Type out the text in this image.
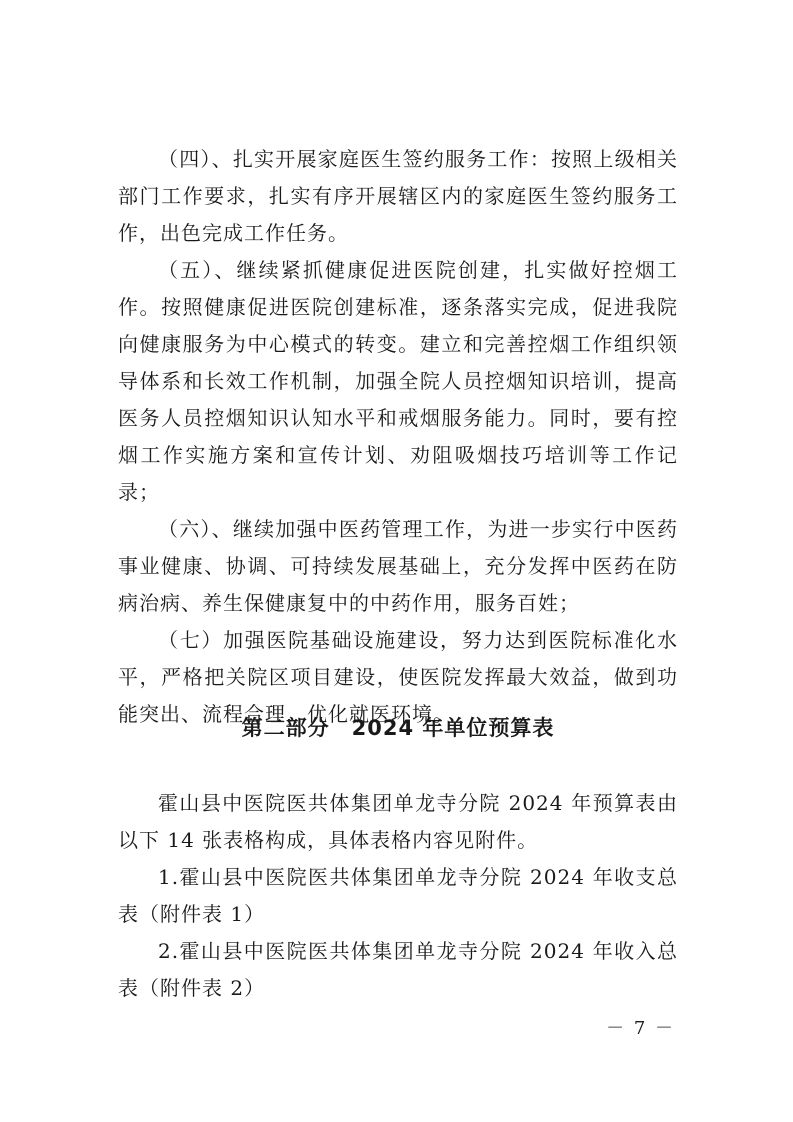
（四）、扎实开展家庭医生签约服务工作：按照上级相关部门工作要求，扎实有序开展辖区内的家庭医生签约服务工作，出色完成工作任务。

（五）、继续紧抓健康促进医院创建，扎实做好控烟工作。按照健康促进医院创建标准，逐条落实完成，促进我院向健康服务为中心模式的转变。建立和完善控烟工作组织领导体系和长效工作机制，加强全院人员控烟知识培训，提高医务人员控烟知识认知水平和戒烟服务能力。同时，要有控烟工作实施方案和宣传计划、劝阻吸烟技巧培训等工作记录；

（六）、继续加强中医药管理工作，为进一步实行中医药事业健康、协调、可持续发展基础上，充分发挥中医药在防病治病、养生保健康复中的中药作用，服务百姓；

（七）加强医院基础设施建设，努力达到医院标准化水平，严格把关院区项目建设，使医院发挥最大效益，做到功能突出、流程合理，优化就医环境。

第二部分　2024 年单位预算表

霍山县中医院医共体集团单龙寺分院 2024 年预算表由以下 14 张表格构成，具体表格内容见附件。

1.霍山县中医院医共体集团单龙寺分院 2024 年收支总表（附件表 1）

2.霍山县中医院医共体集团单龙寺分院 2024 年收入总表（附件表 2）

－ 7 －
